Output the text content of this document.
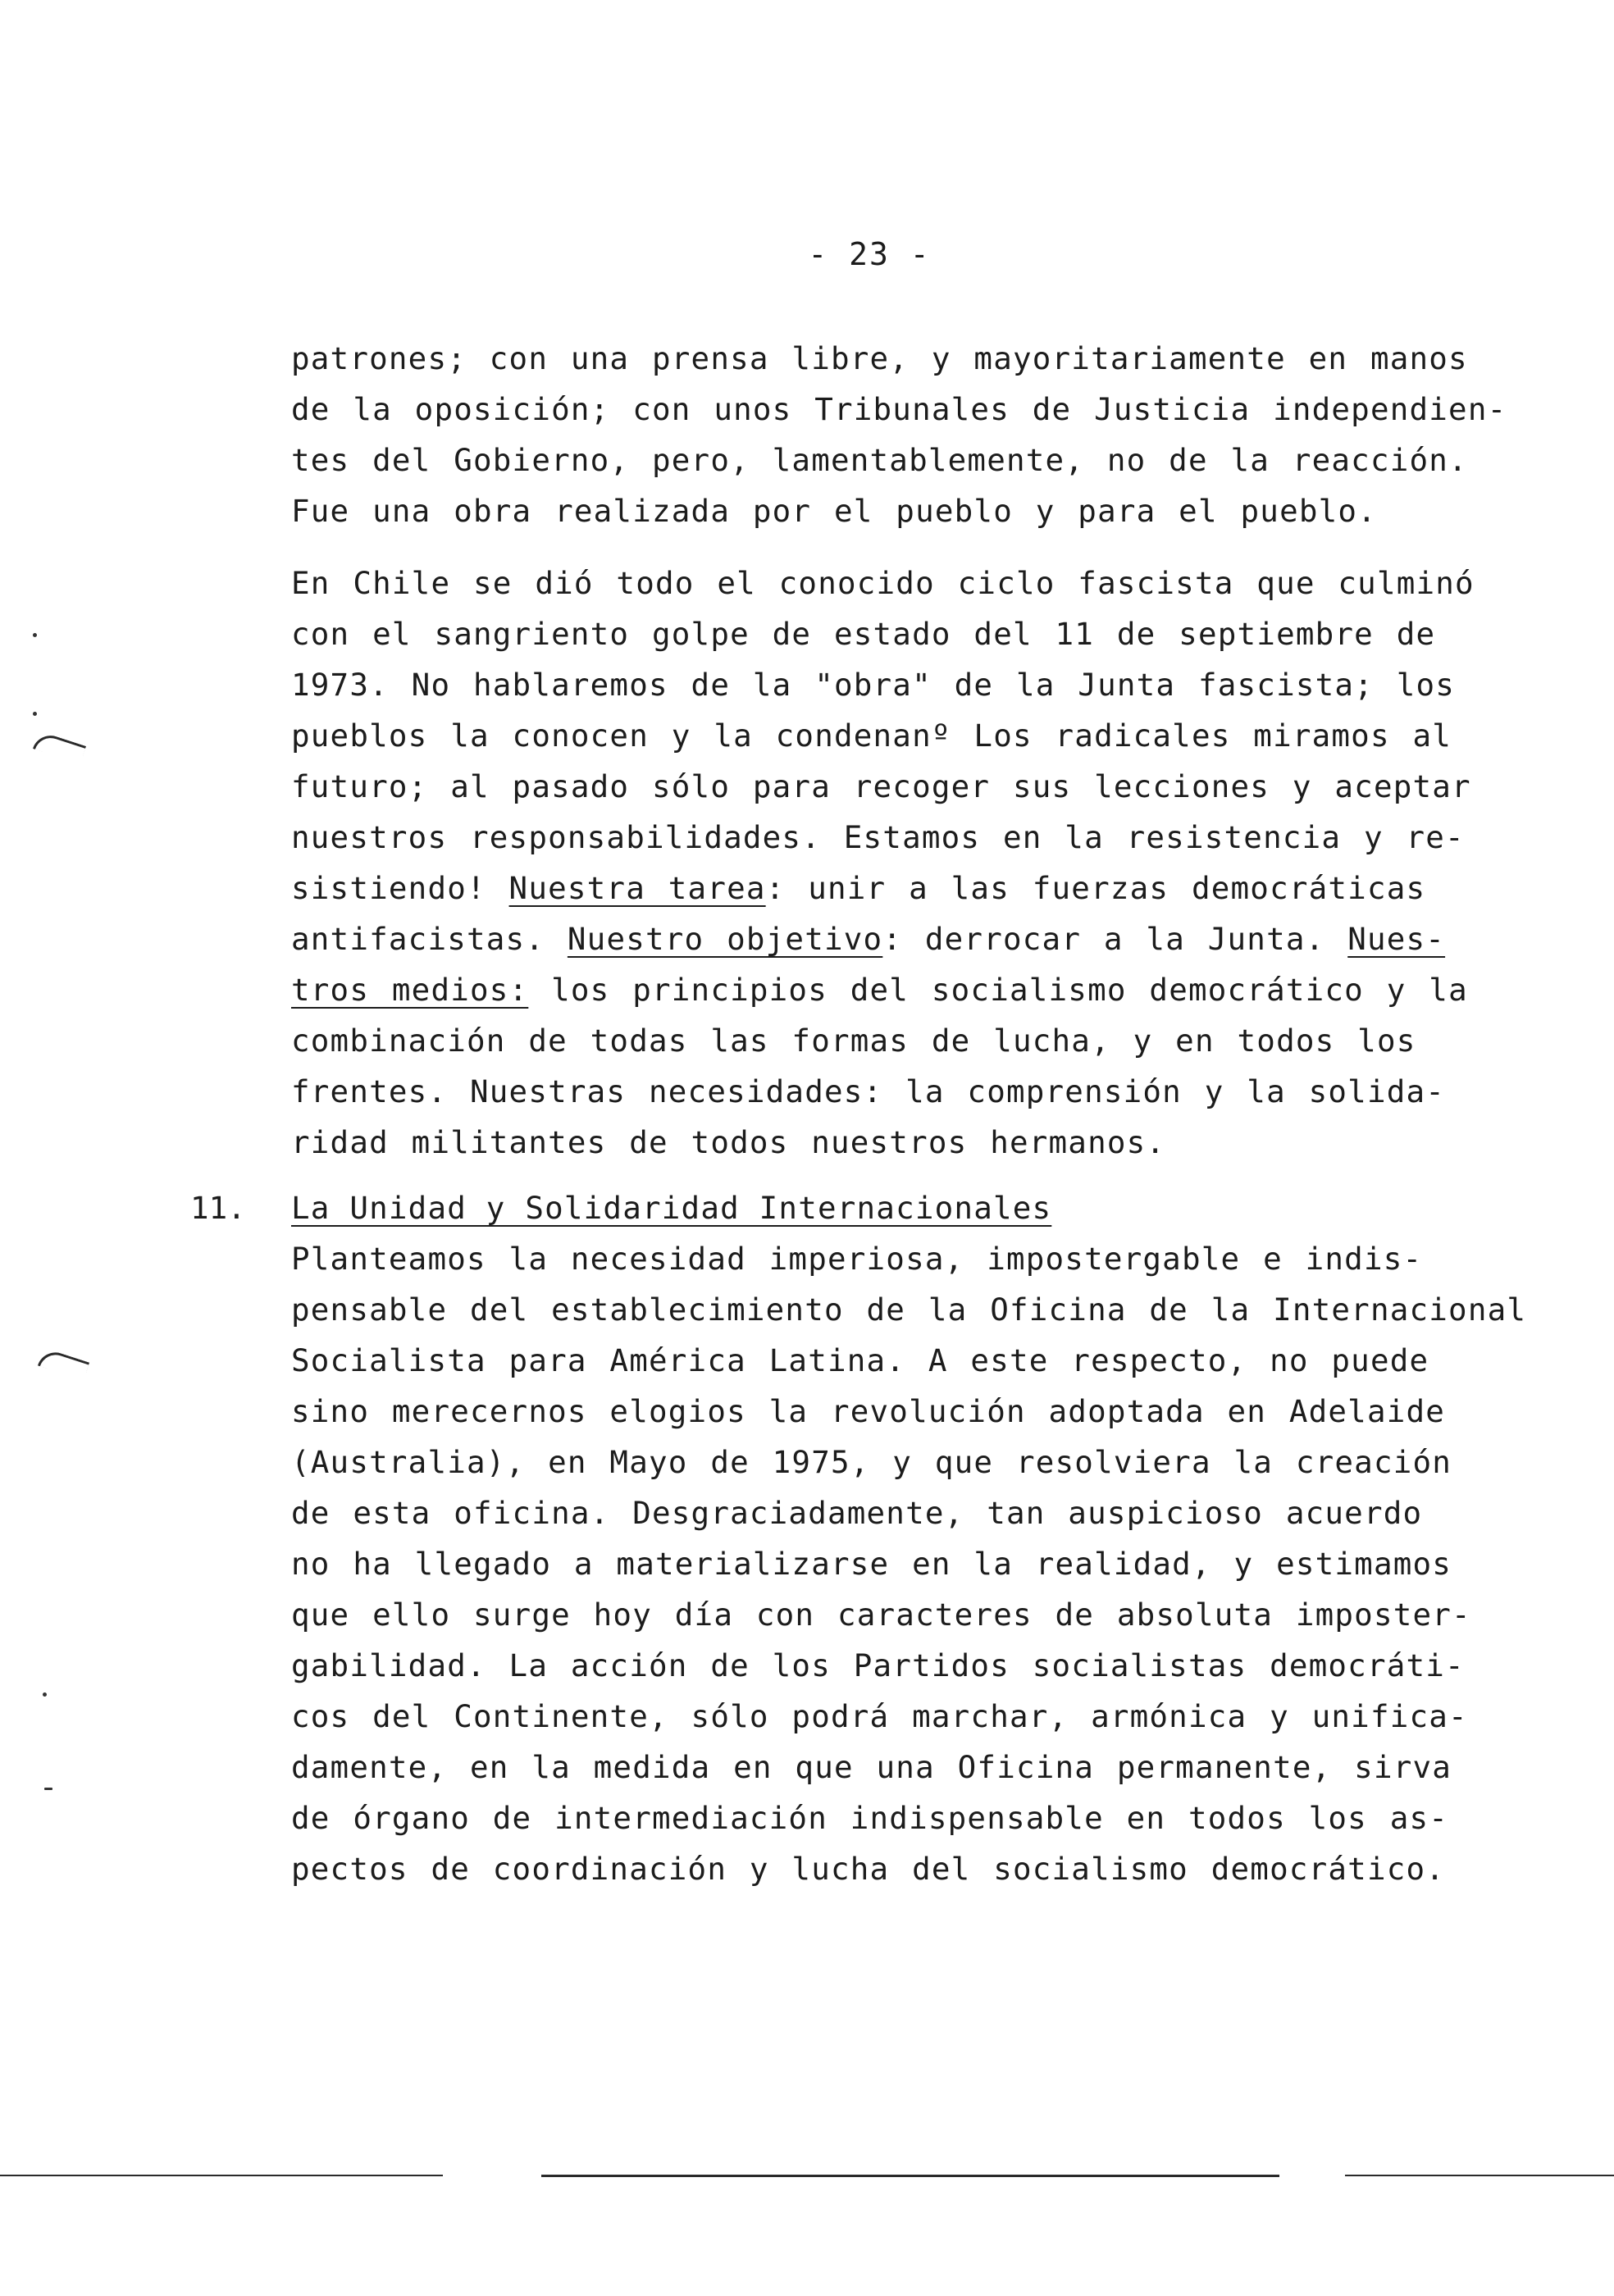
- 23 -
patrones; con una prensa libre, y mayoritariamente en manos
de la oposición; con unos Tribunales de Justicia independien-
tes del Gobierno, pero, lamentablemente, no de la reacción.
Fue una obra realizada por el pueblo y para el pueblo.
En Chile se dió todo el conocido ciclo fascista que culminó
con el sangriento golpe de estado del 11 de septiembre de
1973. No hablaremos de la "obra" de la Junta fascista; los
pueblos la conocen y la condenanº Los radicales miramos al
futuro; al pasado sólo para recoger sus lecciones y aceptar
nuestros responsabilidades. Estamos en la resistencia y re-
sistiendo! Nuestra tarea: unir a las fuerzas democráticas
antifacistas. Nuestro objetivo: derrocar a la Junta. Nues-
tros medios: los principios del socialismo democrático y la
combinación de todas las formas de lucha, y en todos los
frentes. Nuestras necesidades: la comprensión y la solida-
ridad militantes de todos nuestros hermanos.
11. La Unidad y Solidaridad Internacionales
Planteamos la necesidad imperiosa, impostergable e indis-
pensable del establecimiento de la Oficina de la Internacional
Socialista para América Latina. A este respecto, no puede
sino merecernos elogios la revolución adoptada en Adelaide
(Australia), en Mayo de 1975, y que resolviera la creación
de esta oficina. Desgraciadamente, tan auspicioso acuerdo
no ha llegado a materializarse en la realidad, y estimamos
que ello surge hoy día con caracteres de absoluta imposter-
gabilidad. La acción de los Partidos socialistas democráti-
cos del Continente, sólo podrá marchar, armónica y unifica-
damente, en la medida en que una Oficina permanente, sirva
de órgano de intermediación indispensable en todos los as-
pectos de coordinación y lucha del socialismo democrático.
